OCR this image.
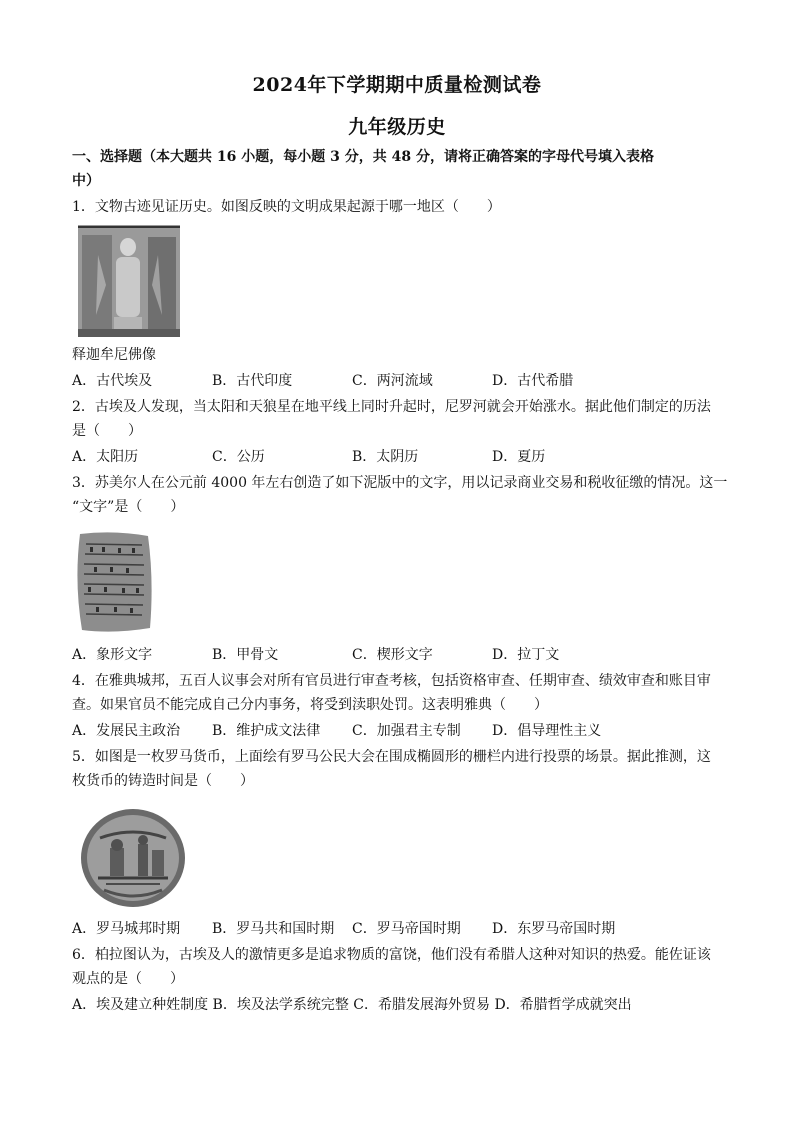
2024年下学期期中质量检测试卷
九年级历史
一、选择题（本大题共 16 小题，每小题 3 分，共 48 分，请将正确答案的字母代号填入表格
中）
1．文物古迹见证历史。如图反映的文明成果起源于哪一地区（　　）
释迦牟尼佛像
A．古代埃及	B．古代印度	C．两河流域	D．古代希腊
2．古埃及人发现，当太阳和天狼星在地平线上同时升起时，尼罗河就会开始涨水。据此他们制定的历法
是（　　）
A．太阳历	C．公历	B．太阴历	D．夏历
3．苏美尔人在公元前 4000 年左右创造了如下泥版中的文字，用以记录商业交易和税收征缴的情况。这一
“文字”是（　　）
A．象形文字	B．甲骨文	C．楔形文字	D．拉丁文
4．在雅典城邦，五百人议事会对所有官员进行审查考核，包括资格审查、任期审查、绩效审查和账目审
查。如果官员不能完成自己分内事务，将受到渎职处罚。这表明雅典（　　）
A．发展民主政治 B．维护成文法律 C．加强君主专制 D．倡导理性主义
5．如图是一枚罗马货币，上面绘有罗马公民大会在围成椭圆形的栅栏内进行投票的场景。据此推测，这
枚货币的铸造时间是（　　）
A．罗马城邦时期 B．罗马共和国时期 C．罗马帝国时期 D．东罗马帝国时期
6．柏拉图认为，古埃及人的激情更多是追求物质的富饶，他们没有希腊人这种对知识的热爱。能佐证该
观点的是（　　）
A．埃及建立种姓制度 B．埃及法学系统完整 C．希腊发展海外贸易 D．希腊哲学成就突出
